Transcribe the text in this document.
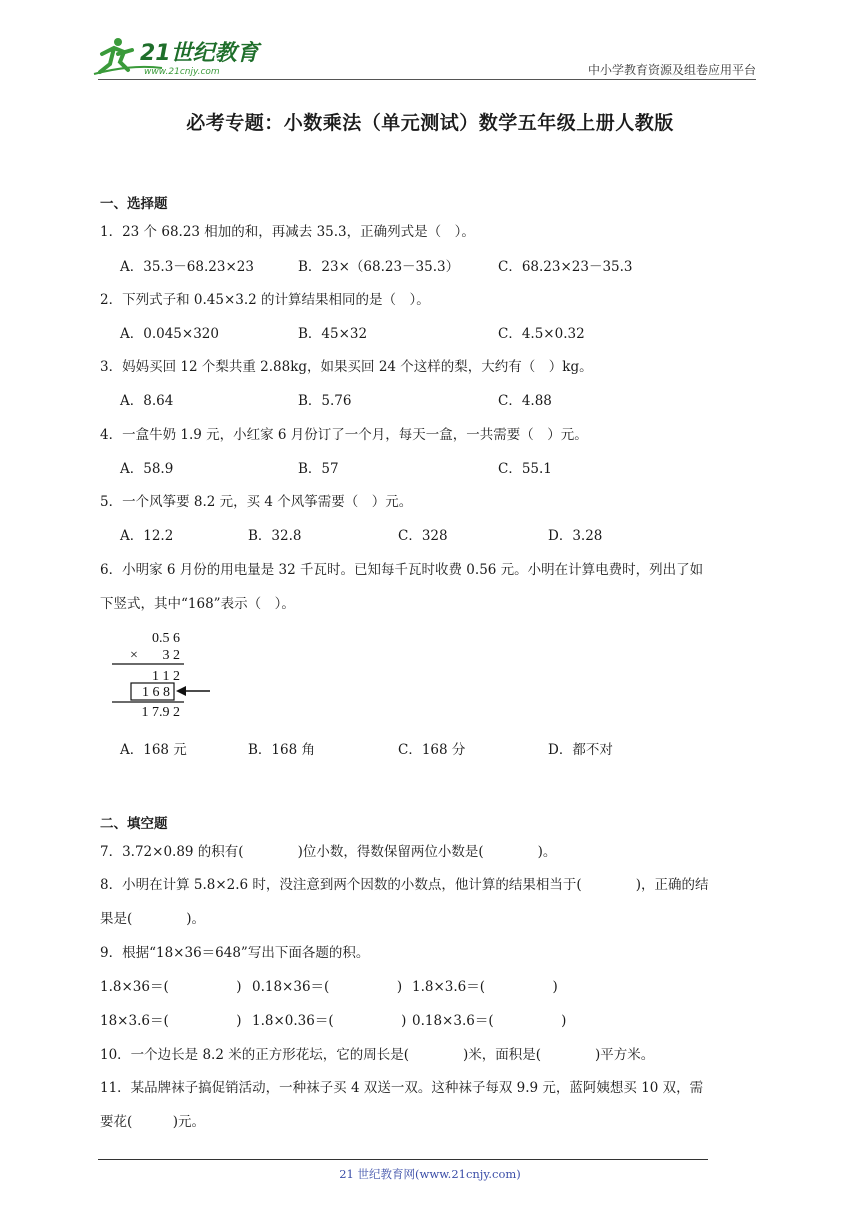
21世纪教育
www.21cnjy.com	中小学教育资源及组卷应用平台
必考专题：小数乘法（单元测试）数学五年级上册人教版
一、选择题
1．23 个 68.23 相加的和，再减去 35.3，正确列式是（　）。
A．35.3－68.23×23	B．23×（68.23－35.3）	C．68.23×23－35.3
2．下列式子和 0.45×3.2 的计算结果相同的是（　）。
A．0.045×320	B．45×32	C．4.5×0.32
3．妈妈买回 12 个梨共重 2.88kg，如果买回 24 个这样的梨，大约有（　）kg。
A．8.64	B．5.76	C．4.88
4．一盒牛奶 1.9 元，小红家 6 月份订了一个月，每天一盒，一共需要（　）元。
A．58.9	B．57	C．55.1
5．一个风筝要 8.2 元，买 4 个风筝需要（　）元。
A．12.2	B．32.8	C．328	D．3.28
6．小明家 6 月份的用电量是 32 千瓦时。已知每千瓦时收费 0.56 元。小明在计算电费时，列出了如
下竖式，其中“168”表示（　）。
0.5 6
× 3 2
1 1 2
1 6 8
1 7.9 2
A．168 元	B．168 角	C．168 分	D．都不对
二、填空题
7．3.72×0.89 的积有(　　　　)位小数，得数保留两位小数是(　　　　)。
8．小明在计算 5.8×2.6 时，没注意到两个因数的小数点，他计算的结果相当于(　　　　)，正确的结
果是(　　　　)。
9．根据“18×36＝648”写出下面各题的积。
1.8×36＝(　　　　　) 0.18×36＝(　　　　　) 1.8×3.6＝(　　　　　)
18×3.6＝(　　　　　) 1.8×0.36＝(　　　　　) 0.18×3.6＝(　　　　　)
10．一个边长是 8.2 米的正方形花坛，它的周长是(　　　　)米，面积是(　　　　)平方米。
11．某品牌袜子搞促销活动，一种袜子买 4 双送一双。这种袜子每双 9.9 元，蓝阿姨想买 10 双，需
要花(　　　)元。
21 世纪教育网(www.21cnjy.com)
